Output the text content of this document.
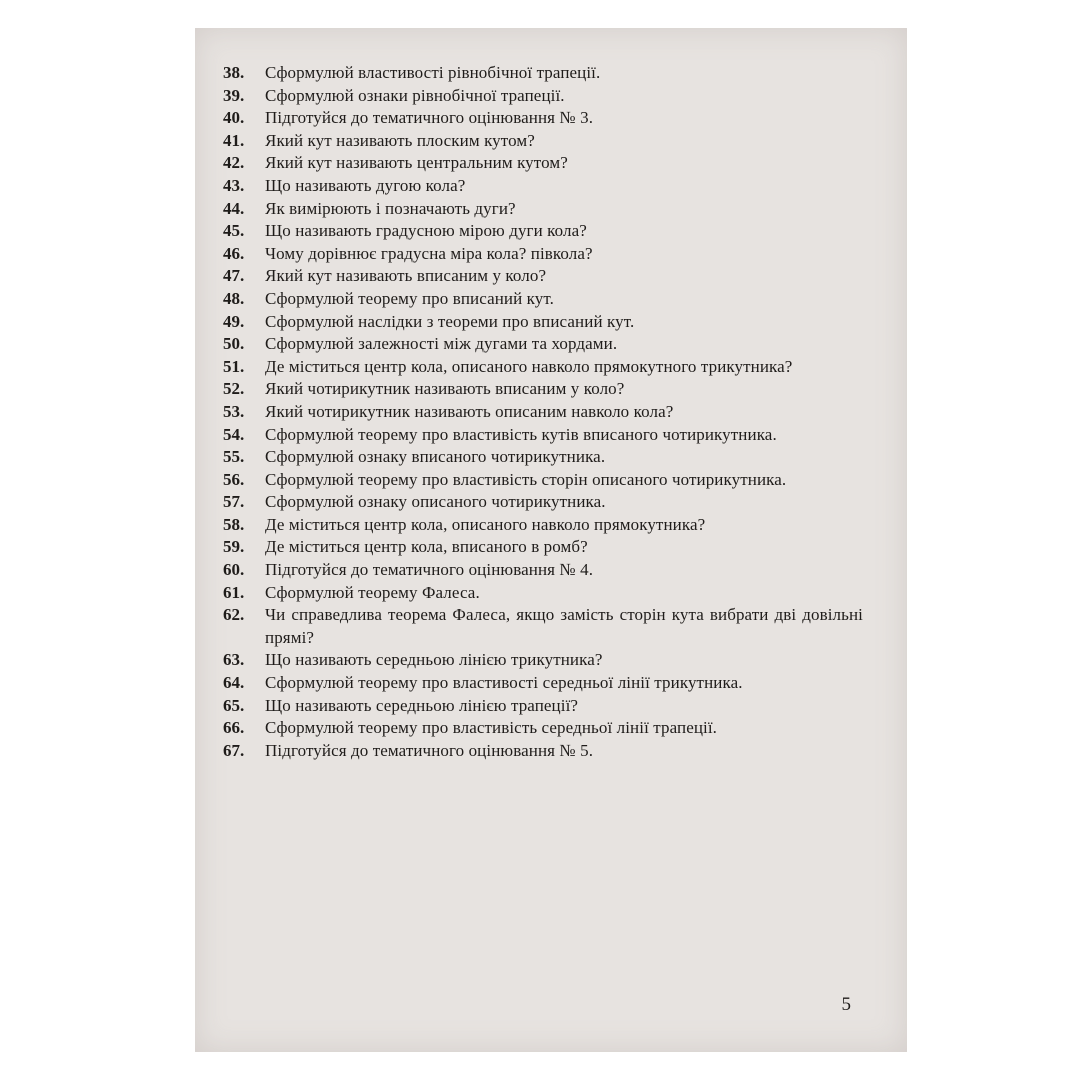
38.	Сформулюй властивості рівнобічної трапеції.
39.	Сформулюй ознаки рівнобічної трапеції.
40.	Підготуйся до тематичного оцінювання № 3.
41.	Який кут називають плоским кутом?
42.	Який кут називають центральним кутом?
43.	Що називають дугою кола?
44.	Як вимірюють і позначають дуги?
45.	Що називають градусною мірою дуги кола?
46.	Чому дорівнює градусна міра кола? півкола?
47.	Який кут називають вписаним у коло?
48.	Сформулюй теорему про вписаний кут.
49.	Сформулюй наслідки з теореми про вписаний кут.
50.	Сформулюй залежності між дугами та хордами.
51.	Де міститься центр кола, описаного навколо прямокутного трикутника?
52.	Який чотирикутник називають вписаним у коло?
53.	Який чотирикутник називають описаним навколо кола?
54.	Сформулюй теорему про властивість кутів вписаного чотирикутника.
55.	Сформулюй ознаку вписаного чотирикутника.
56.	Сформулюй теорему про властивість сторін описаного чотирикутника.
57.	Сформулюй ознаку описаного чотирикутника.
58.	Де міститься центр кола, описаного навколо прямокутника?
59.	Де міститься центр кола, вписаного в ромб?
60.	Підготуйся до тематичного оцінювання № 4.
61.	Сформулюй теорему Фалеса.
62.	Чи справедлива теорема Фалеса, якщо замість сторін кута вибрати дві довільні прямі?
63.	Що називають середньою лінією трикутника?
64.	Сформулюй теорему про властивості середньої лінії трикутника.
65.	Що називають середньою лінією трапеції?
66.	Сформулюй теорему про властивість середньої лінії трапеції.
67.	Підготуйся до тематичного оцінювання № 5.
5
